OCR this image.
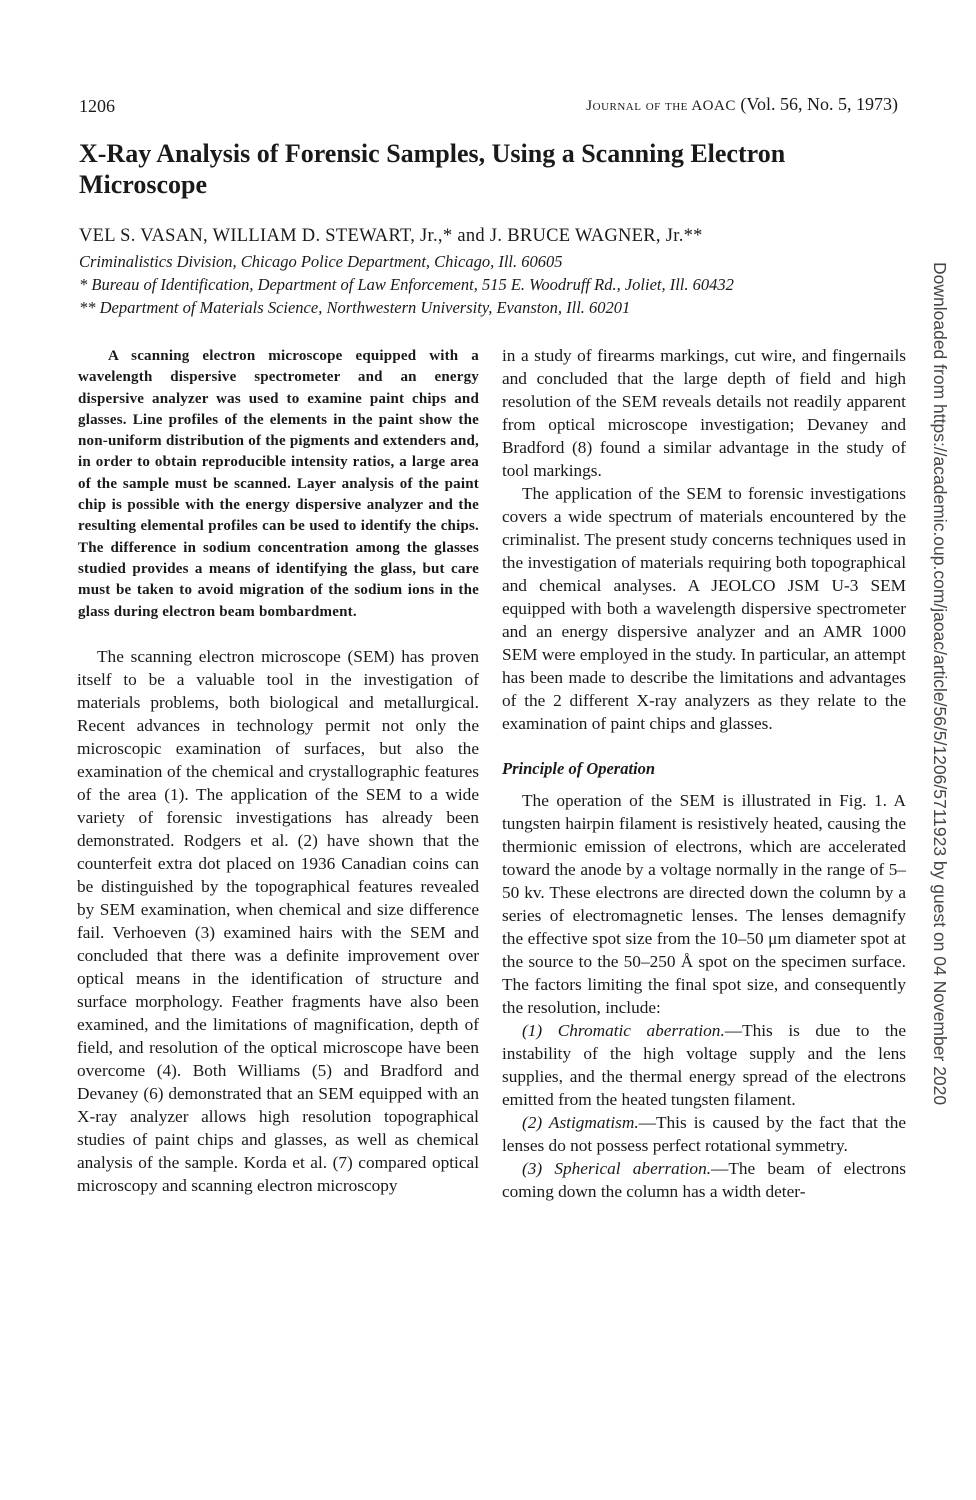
1206	Journal of the AOAC (Vol. 56, No. 5, 1973)
X-Ray Analysis of Forensic Samples, Using a Scanning Electron Microscope
VEL S. VASAN, WILLIAM D. STEWART, Jr.,* and J. BRUCE WAGNER, Jr.**
Criminalistics Division, Chicago Police Department, Chicago, Ill. 60605
* Bureau of Identification, Department of Law Enforcement, 515 E. Woodruff Rd., Joliet, Ill. 60432
** Department of Materials Science, Northwestern University, Evanston, Ill. 60201

A scanning electron microscope equipped with a wavelength dispersive spectrometer and an energy dispersive analyzer was used to examine paint chips and glasses. Line profiles of the elements in the paint show the non-uniform distribution of the pigments and extenders and, in order to obtain reproducible intensity ratios, a large area of the sample must be scanned. Layer analysis of the paint chip is possible with the energy dispersive analyzer and the resulting elemental profiles can be used to identify the chips. The difference in sodium concentration among the glasses studied provides a means of identifying the glass, but care must be taken to avoid migration of the sodium ions in the glass during electron beam bombardment.

The scanning electron microscope (SEM) has proven itself to be a valuable tool in the investigation of materials problems, both biological and metallurgical. Recent advances in technology permit not only the microscopic examination of surfaces, but also the examination of the chemical and crystallographic features of the area (1). The application of the SEM to a wide variety of forensic investigations has already been demonstrated. Rodgers et al. (2) have shown that the counterfeit extra dot placed on 1936 Canadian coins can be distinguished by the topographical features revealed by SEM examination, when chemical and size difference fail. Verhoeven (3) examined hairs with the SEM and concluded that there was a definite improvement over optical means in the identification of structure and surface morphology. Feather fragments have also been examined, and the limitations of magnification, depth of field, and resolution of the optical microscope have been overcome (4). Both Williams (5) and Bradford and Devaney (6) demonstrated that an SEM equipped with an X-ray analyzer allows high resolution topographical studies of paint chips and glasses, as well as chemical analysis of the sample. Korda et al. (7) compared optical microscopy and scanning electron microscopy

in a study of firearms markings, cut wire, and fingernails and concluded that the large depth of field and high resolution of the SEM reveals details not readily apparent from optical microscope investigation; Devaney and Bradford (8) found a similar advantage in the study of tool markings.

The application of the SEM to forensic investigations covers a wide spectrum of materials encountered by the criminalist. The present study concerns techniques used in the investigation of materials requiring both topographical and chemical analyses. A JEOLCO JSM U-3 SEM equipped with both a wavelength dispersive spectrometer and an energy dispersive analyzer and an AMR 1000 SEM were employed in the study. In particular, an attempt has been made to describe the limitations and advantages of the 2 different X-ray analyzers as they relate to the examination of paint chips and glasses.

Principle of Operation

The operation of the SEM is illustrated in Fig. 1. A tungsten hairpin filament is resistively heated, causing the thermionic emission of electrons, which are accelerated toward the anode by a voltage normally in the range of 5–50 kv. These electrons are directed down the column by a series of electromagnetic lenses. The lenses demagnify the effective spot size from the 10–50 μm diameter spot at the source to the 50–250 Å spot on the specimen surface. The factors limiting the final spot size, and consequently the resolution, include:

(1) Chromatic aberration.—This is due to the instability of the high voltage supply and the lens supplies, and the thermal energy spread of the electrons emitted from the heated tungsten filament.

(2) Astigmatism.—This is caused by the fact that the lenses do not possess perfect rotational symmetry.

(3) Spherical aberration.—The beam of electrons coming down the column has a width deter-

Downloaded from https://academic.oup.com/jaoac/article/56/5/1206/5711923 by guest on 04 November 2020
